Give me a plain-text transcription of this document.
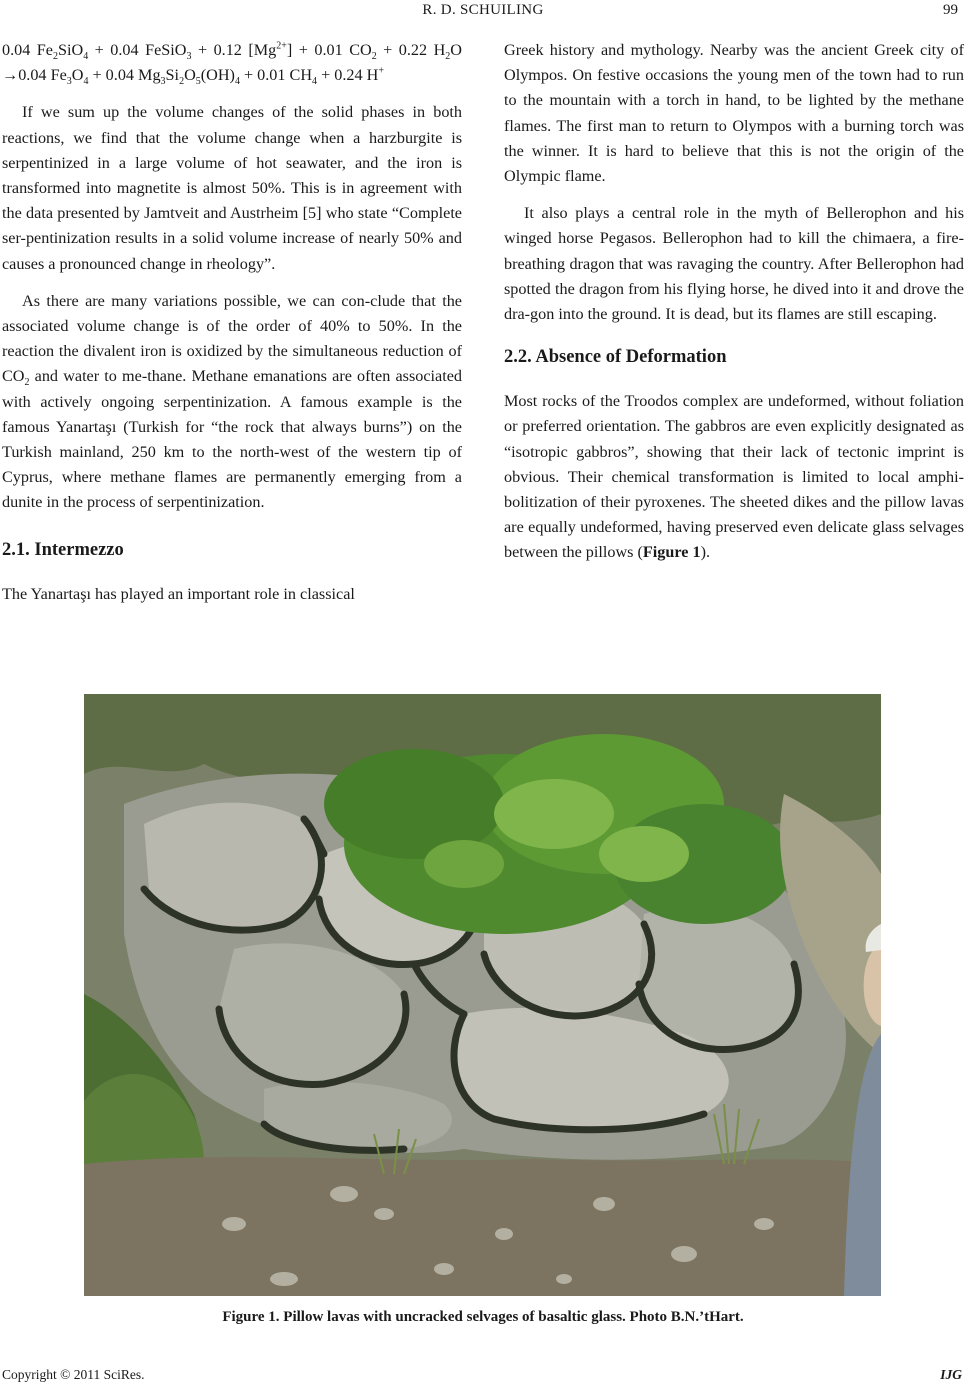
R. D. SCHUILING	99

0.04 $Fe_2SiO_4 + 0.04$ FeSiO$_3$ + 0.12 $[Mg^{2+}] + 0.01$ $CO_2 + 0.22$ $H_2O \to 0.04$ $Fe_3O_4 + 0.04$ $Mg_3Si_2O_5(OH)_4 + 0.01$ $CH_4 + 0.24$ H+

If we sum up the volume changes of the solid phases in both reactions, we find that the volume change when a harzburgite is serpentinized in a large volume of hot seawater, and the iron is transformed into magnetite is almost 50%. This is in agreement with the data presented by Jamtveit and Austrheim [5] who state “Complete ser-pentinization results in a solid volume increase of nearly 50% and causes a pronounced change in rheology”.

As there are many variations possible, we can con-clude that the associated volume change is of the order of 40% to 50%. In the reaction the divalent iron is oxidized by the simultaneous reduction of $CO_2$ and water to me-thane. Methane emanations are often associated with actively ongoing serpentinization. A famous example is the famous Yanartaşı (Turkish for “the rock that always burns”) on the Turkish mainland, 250 km to the north-west of the western tip of Cyprus, where methane flames are permanently emerging from a dunite in the process of serpentinization.

2.1. Intermezzo

The Yanartaşı has played an important role in classical

Greek history and mythology. Nearby was the ancient Greek city of Olympos. On festive occasions the young men of the town had to run to the mountain with a torch in hand, to be lighted by the methane flames. The first man to return to Olympos with a burning torch was the winner. It is hard to believe that this is not the origin of the Olympic flame.

It also plays a central role in the myth of Bellerophon and his winged horse Pegasos. Bellerophon had to kill the chimaera, a fire-breathing dragon that was ravaging the country. After Bellerophon had spotted the dragon from his flying horse, he dived into it and drove the dra-gon into the ground. It is dead, but its flames are still escaping.

2.2. Absence of Deformation

Most rocks of the Troodos complex are undeformed, without foliation or preferred orientation. The gabbros are even explicitly designated as “isotropic gabbros”, showing that their lack of tectonic imprint is obvious. Their chemical transformation is limited to local amphi-bolitization of their pyroxenes. The sheeted dikes and the pillow lavas are equally undeformed, having preserved even delicate glass selvages between the pillows (Figure 1).

Figure 1. Pillow lavas with uncracked selvages of basaltic glass. Photo B.N.’tHart.
Copyright © 2011 SciRes.	IJG
